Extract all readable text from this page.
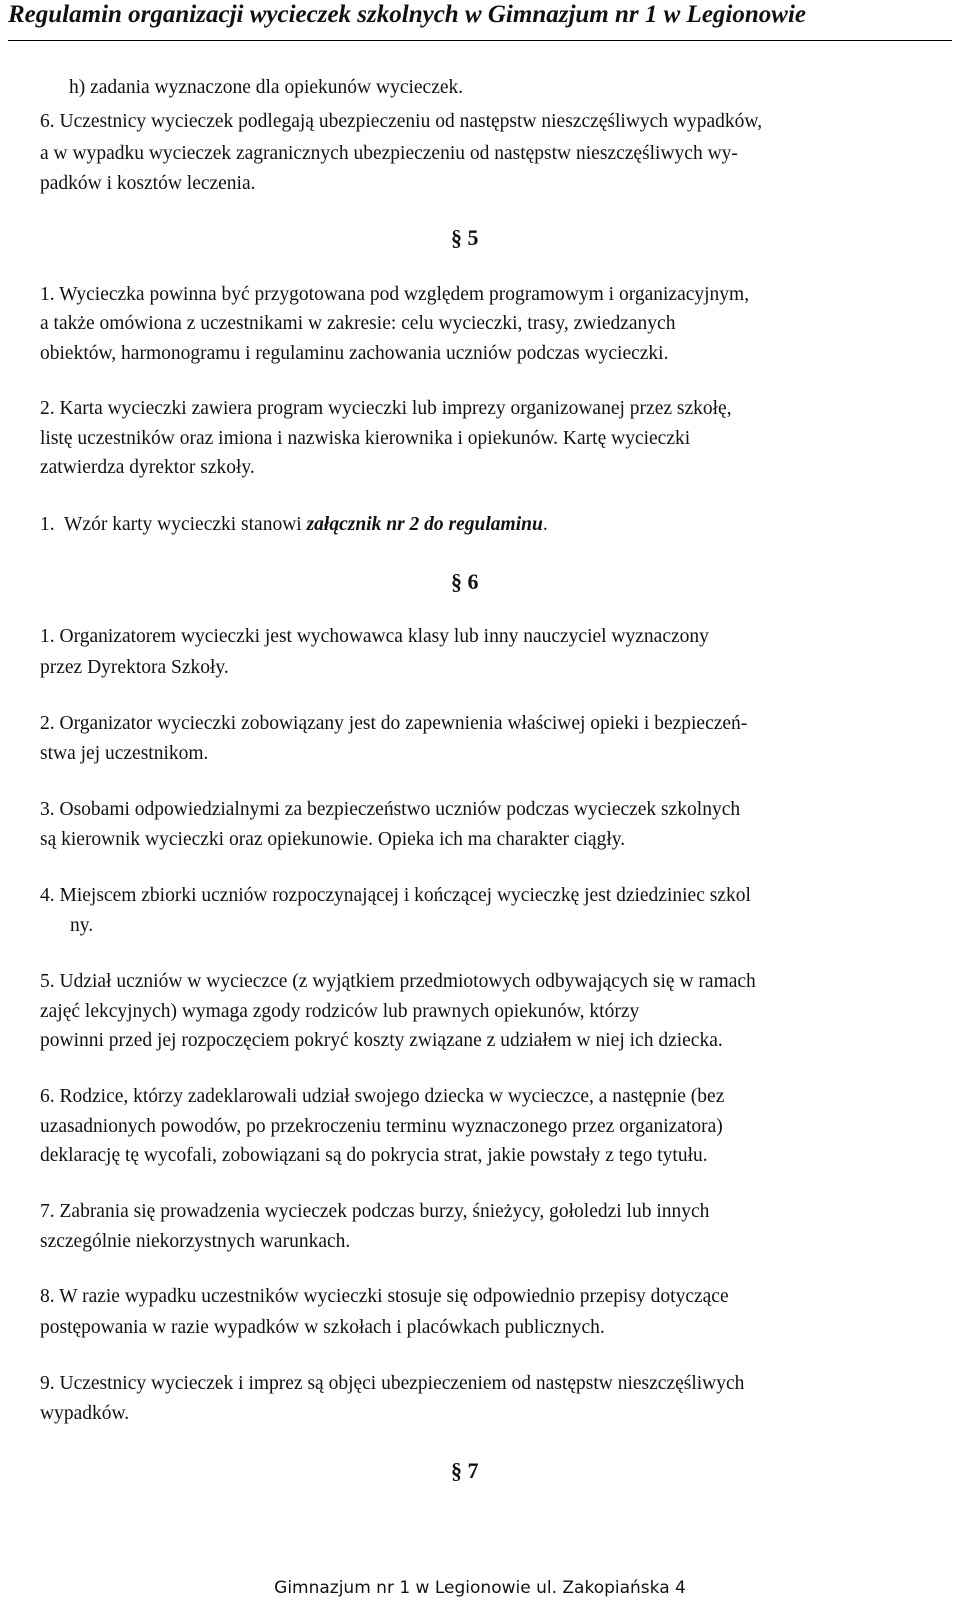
Regulamin organizacji wycieczek szkolnych w Gimnazjum nr 1 w Legionowie
h) zadania wyznaczone dla opiekunów wycieczek.
6. Uczestnicy wycieczek podlegają ubezpieczeniu od następstw nieszczęśliwych wypadków,
a w wypadku wycieczek zagranicznych ubezpieczeniu od następstw nieszczęśliwych wy-
padków i kosztów leczenia.
§ 5
1. Wycieczka powinna być przygotowana pod względem programowym i organizacyjnym,
a także omówiona z uczestnikami w zakresie: celu wycieczki, trasy, zwiedzanych
obiektów, harmonogramu i regulaminu zachowania uczniów podczas wycieczki.
2. Karta wycieczki zawiera program wycieczki lub imprezy organizowanej przez szkołę,
listę uczestników oraz imiona i nazwiska kierownika i opiekunów. Kartę wycieczki
zatwierdza dyrektor szkoły.
1.  Wzór karty wycieczki stanowi załącznik nr 2 do regulaminu.
§ 6
1. Organizatorem wycieczki jest wychowawca klasy lub inny nauczyciel wyznaczony
przez Dyrektora Szkoły.
2. Organizator wycieczki zobowiązany jest do zapewnienia właściwej opieki i bezpieczeń-
stwa jej uczestnikom.
3. Osobami odpowiedzialnymi za bezpieczeństwo uczniów podczas wycieczek szkolnych
są kierownik wycieczki oraz opiekunowie. Opieka ich ma charakter ciągły.
4. Miejscem zbiorki uczniów rozpoczynającej i kończącej wycieczkę jest dziedziniec szkol
ny.
5. Udział uczniów w wycieczce (z wyjątkiem przedmiotowych odbywających się w ramach
zajęć lekcyjnych) wymaga zgody rodziców lub prawnych opiekunów, którzy
powinni przed jej rozpoczęciem pokryć koszty związane z udziałem w niej ich dziecka.
6. Rodzice, którzy zadeklarowali udział swojego dziecka w wycieczce, a następnie (bez
uzasadnionych powodów, po przekroczeniu terminu wyznaczonego przez organizatora)
deklarację tę wycofali, zobowiązani są do pokrycia strat, jakie powstały z tego tytułu.
7. Zabrania się prowadzenia wycieczek podczas burzy, śnieżycy, gołoledzi lub innych
szczególnie niekorzystnych warunkach.
8. W razie wypadku uczestników wycieczki stosuje się odpowiednio przepisy dotyczące
postępowania w razie wypadków w szkołach i placówkach publicznych.
9. Uczestnicy wycieczek i imprez są objęci ubezpieczeniem od następstw nieszczęśliwych
wypadków.
§ 7
Gimnazjum nr 1 w Legionowie ul. Zakopiańska 4
